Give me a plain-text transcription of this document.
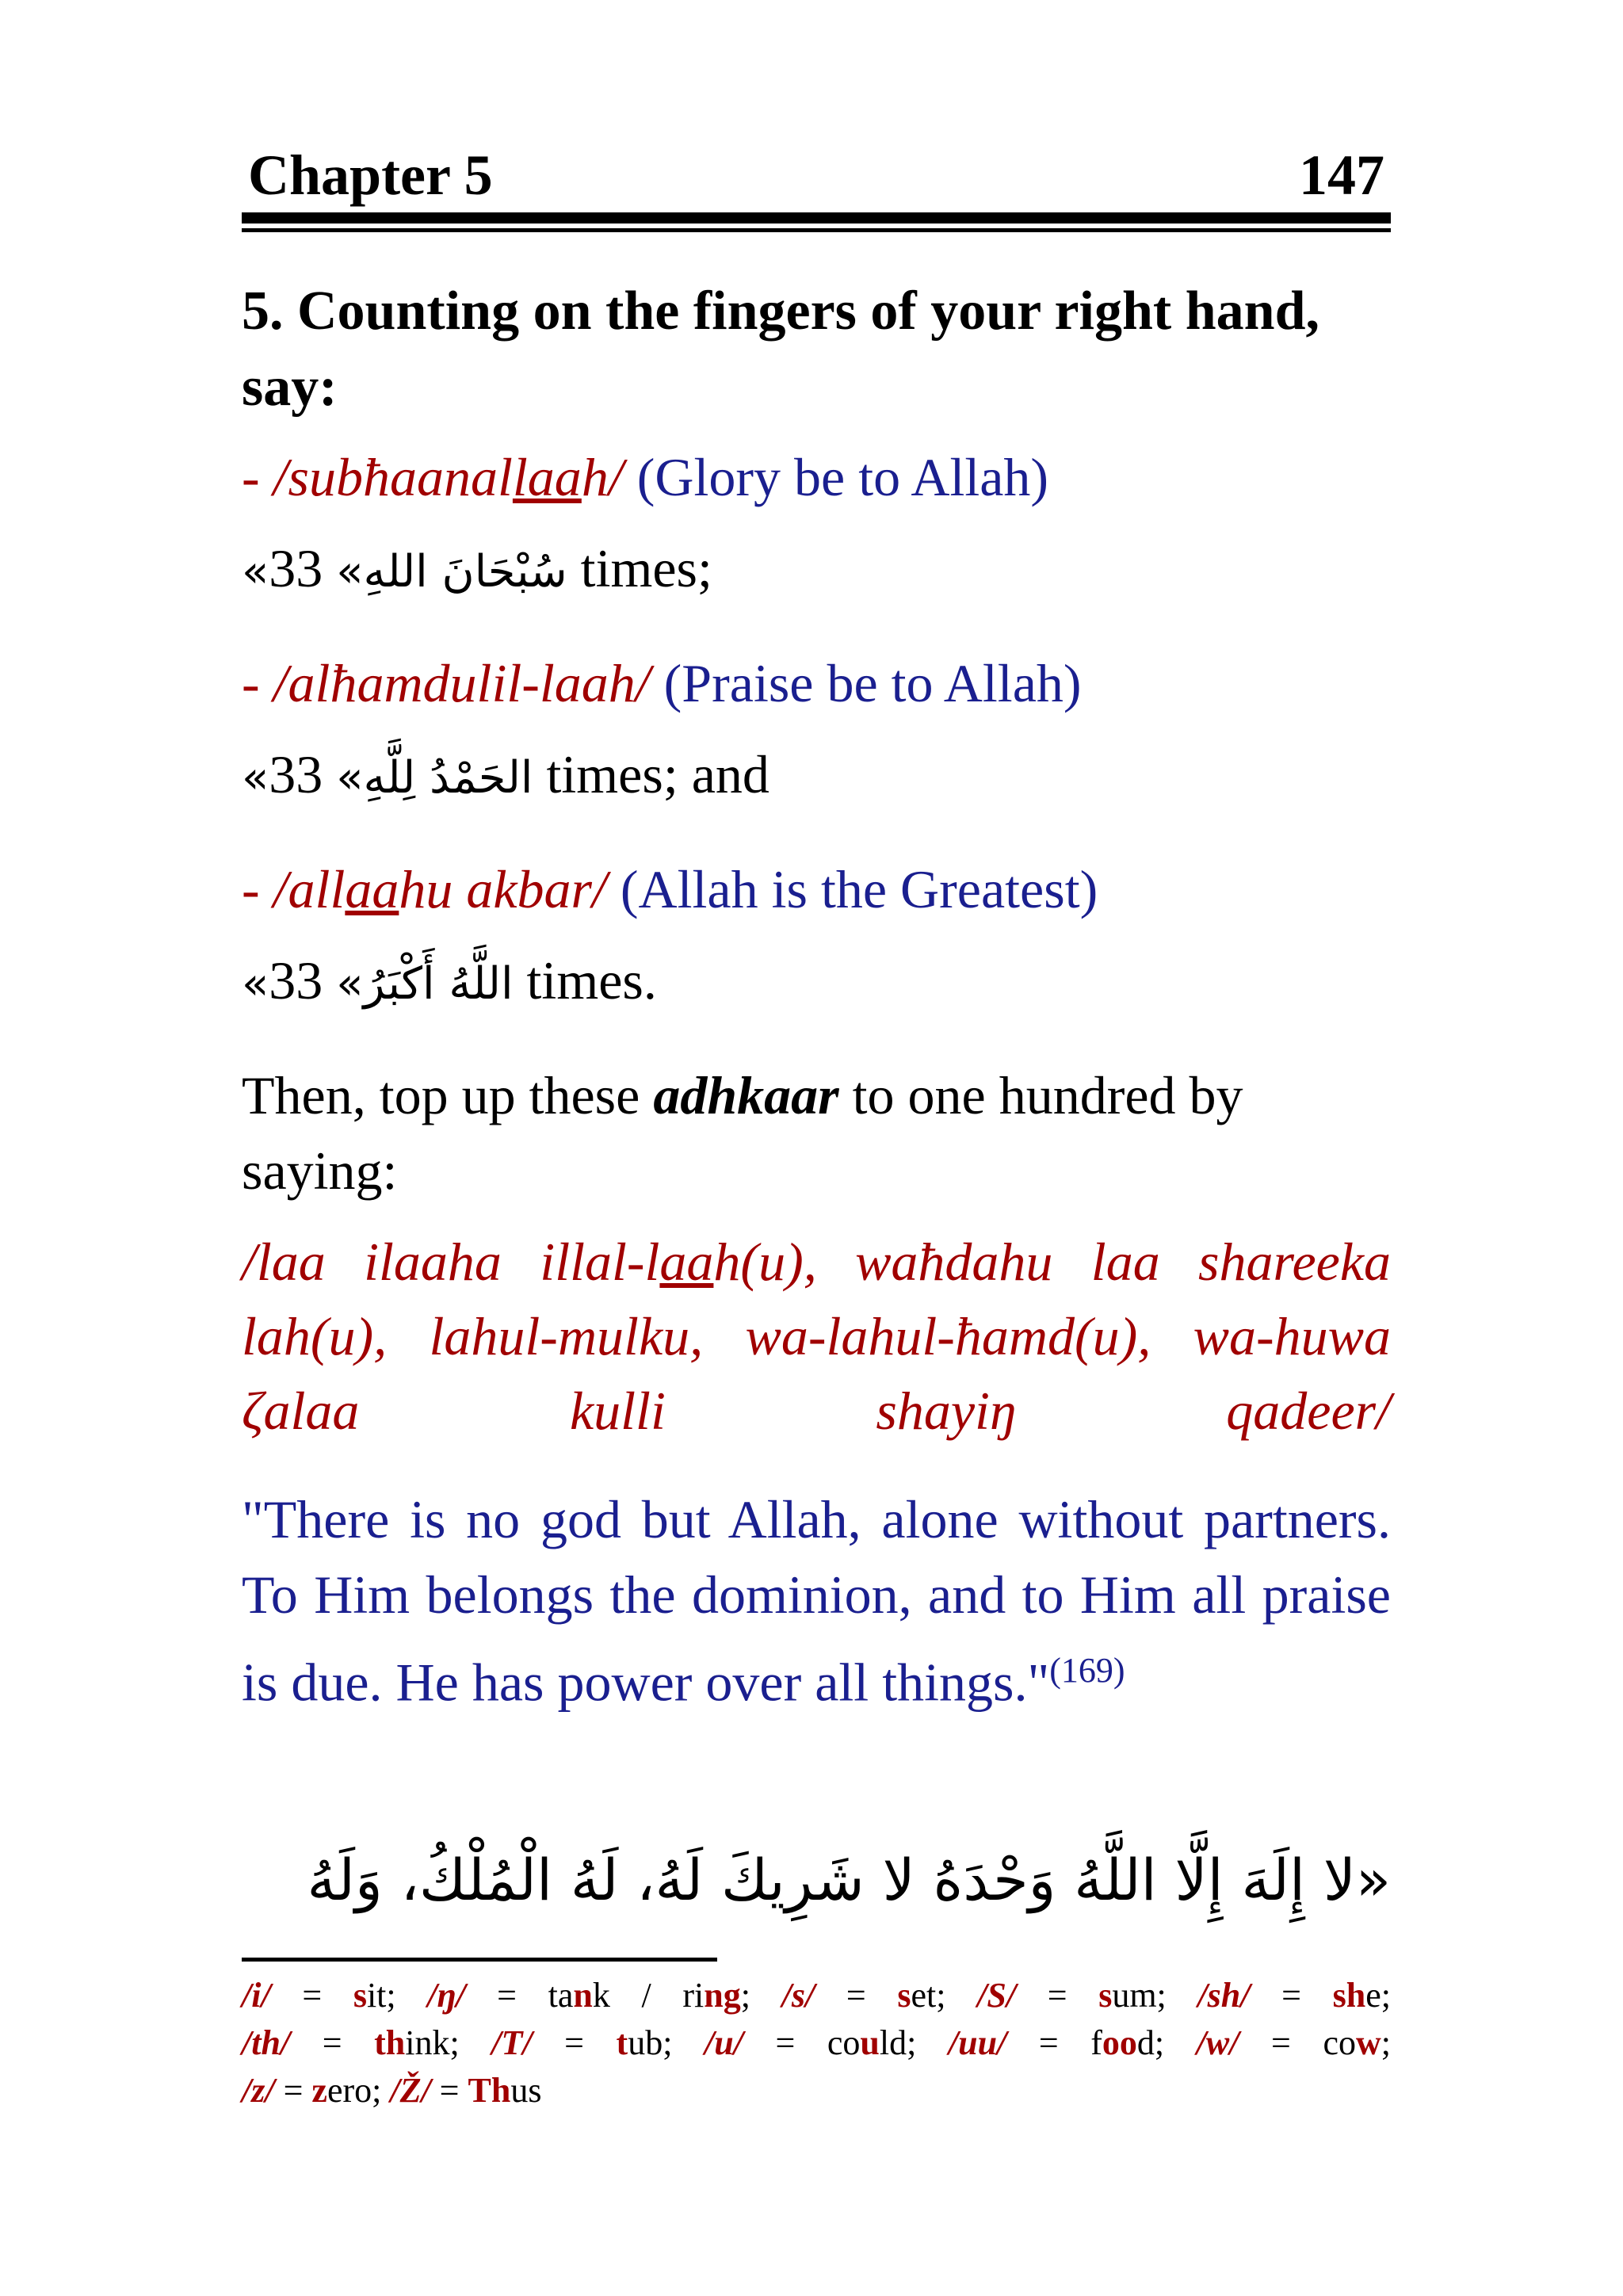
Chapter 5	147

5. Counting on the fingers of your right hand, say:

- /subħaanallaah/ (Glory be to Allah)

«سُبْحَانَ اللهِ» 33 times;

- /alħamdulil-laah/ (Praise be to Allah)

«الحَمْدُ لِلَّهِ» 33 times; and

- /allaahu akbar/ (Allah is the Greatest)

«اللَّهُ أَكْبَرُ» 33 times.

Then, top up these adhkaar to one hundred by saying:

/laa ilaaha illal-laah(u), waħdahu laa shareeka lah(u), lahul-mulku, wa-lahul-ħamd(u), wa-huwa ζalaa kulli shayiŋ qadeer/

"There is no god but Allah, alone without partners. To Him belongs the dominion, and to Him all praise is due. He has power over all things."$^{(169)}$

«لا إِلَهَ إِلَّا اللَّهُ وَحْدَهُ لا شَرِيكَ لَهُ، لَهُ الْمُلْكُ، وَلَهُ

/i/ = sit; /ŋ/ = tank / ring; /s/ = set; /S/ = sum; /sh/ = she;

/th/ = think; /T/ = tub; /u/ = could; /uu/ = food; /w/ = cow;

/z/ = zero; /Ž/ = Thus
